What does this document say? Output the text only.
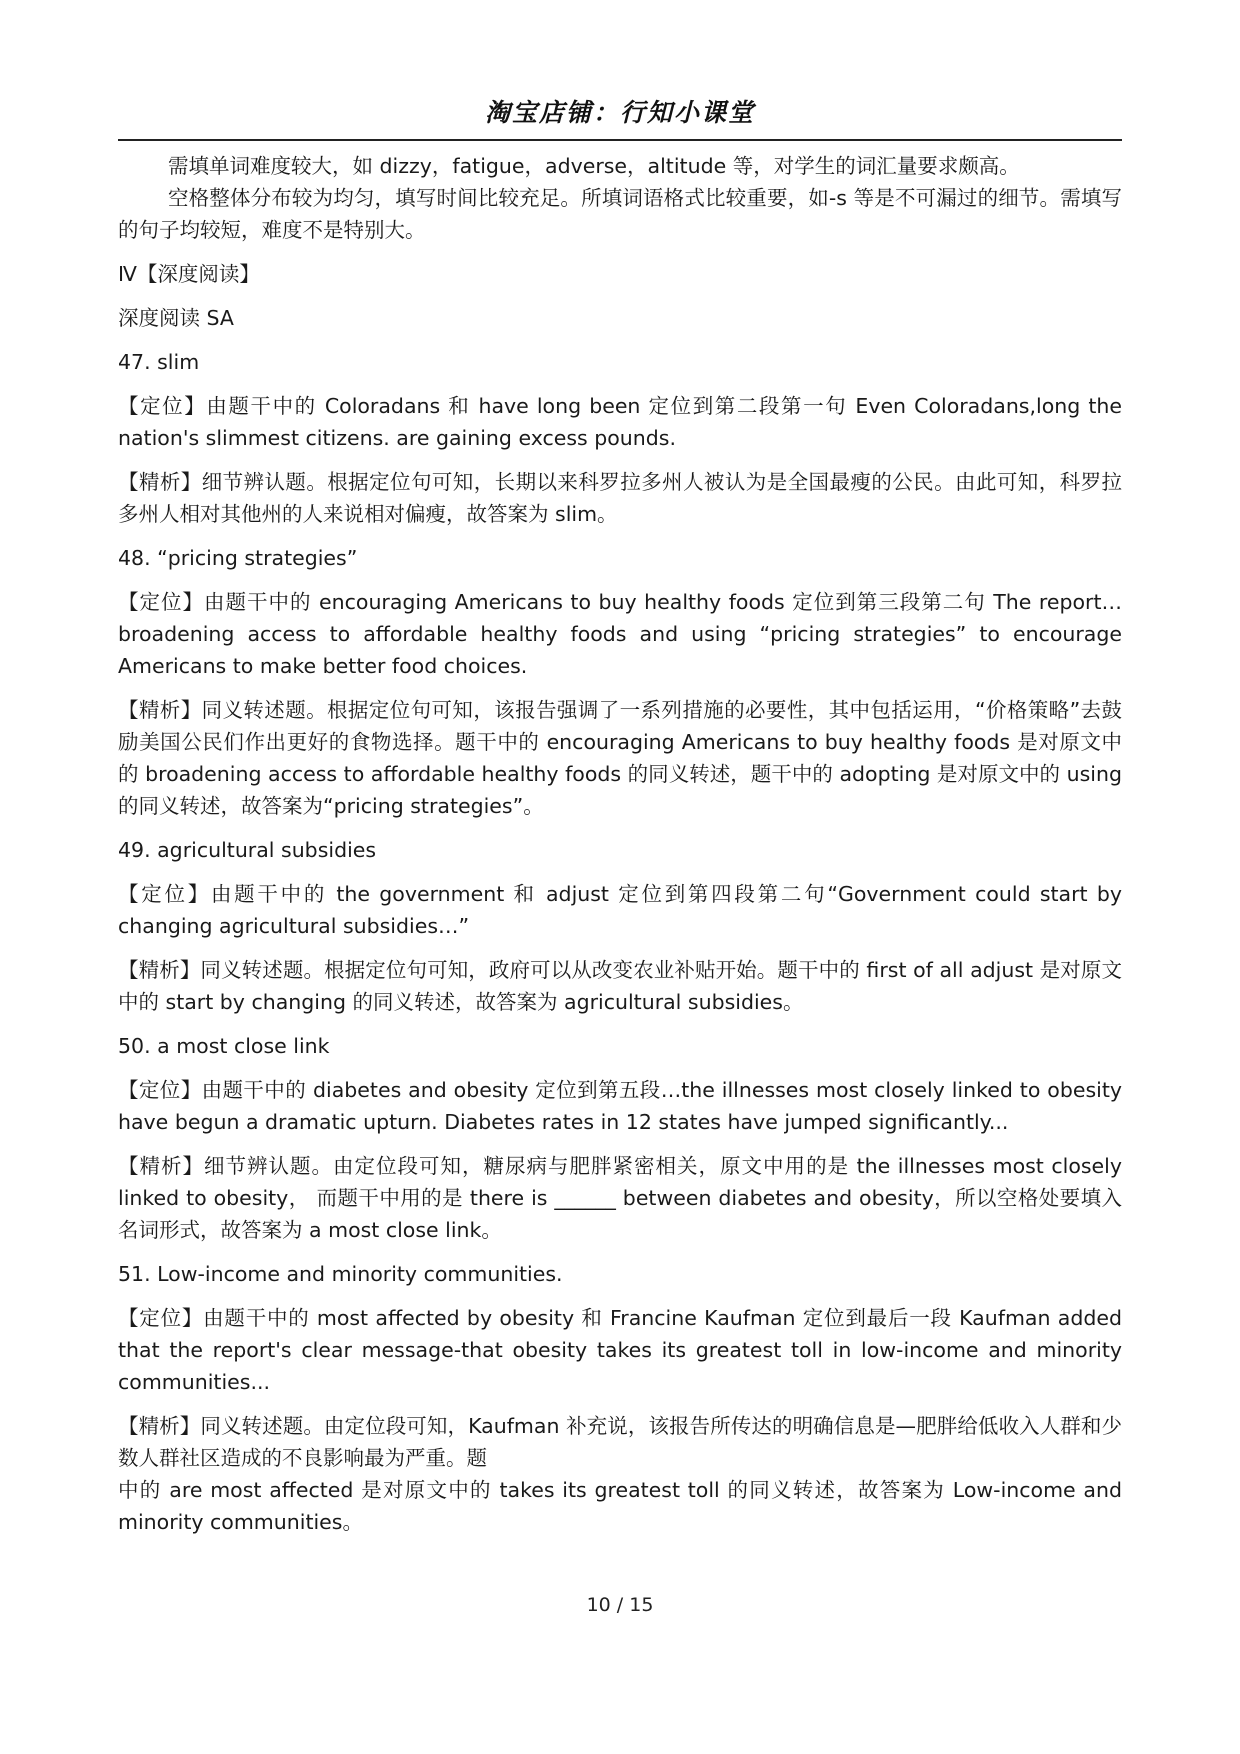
淘宝店铺：行知小课堂

需填单词难度较大，如 dizzy，fatigue，adverse，altitude 等，对学生的词汇量要求颇高。

空格整体分布较为均匀，填写时间比较充足。所填词语格式比较重要，如-s 等是不可漏过的细节。需填写的句子均较短，难度不是特别大。

Ⅳ【深度阅读】

深度阅读 SA

47. slim

【定位】由题干中的 Coloradans 和 have long been 定位到第二段第一句 Even Coloradans,long the nation's slimmest citizens. are gaining excess pounds.

【精析】细节辨认题。根据定位句可知，长期以来科罗拉多州人被认为是全国最瘦的公民。由此可知，科罗拉多州人相对其他州的人来说相对偏瘦，故答案为 slim。

48. “pricing strategies”

【定位】由题干中的 encouraging Americans to buy healthy foods 定位到第三段第二句 The report… broadening access to affordable healthy foods and using “pricing strategies” to encourage Americans to make better food choices.

【精析】同义转述题。根据定位句可知，该报告强调了一系列措施的必要性，其中包括运用，“价格策略”去鼓励美国公民们作出更好的食物选择。题干中的 encouraging Americans to buy healthy foods 是对原文中的 broadening access to affordable healthy foods 的同义转述，题干中的 adopting 是对原文中的 using 的同义转述，故答案为“pricing strategies”。

49. agricultural subsidies

【定位】由题干中的 the government 和 adjust 定位到第四段第二句“Government could start by changing agricultural subsidies…”

【精析】同义转述题。根据定位句可知，政府可以从改变农业补贴开始。题干中的 first of all adjust 是对原文中的 start by changing 的同义转述，故答案为 agricultural subsidies。

50. a most close link

【定位】由题干中的 diabetes and obesity 定位到第五段…the illnesses most closely linked to obesity have begun a dramatic upturn. Diabetes rates in 12 states have jumped significantly...

【精析】细节辨认题。由定位段可知，糖尿病与肥胖紧密相关，原文中用的是 the illnesses most closely linked to obesity， 而题干中用的是 there is ______ between diabetes and obesity，所以空格处要填入名词形式，故答案为 a most close link。

51. Low-income and minority communities.

【定位】由题干中的 most affected by obesity 和 Francine Kaufman 定位到最后一段 Kaufman added that the report's clear message-that obesity takes its greatest toll in low-income and minority communities...

【精析】同义转述题。由定位段可知，Kaufman 补充说，该报告所传达的明确信息是—肥胖给低收入人群和少数人群社区造成的不良影响最为严重。题

中的 are most affected 是对原文中的 takes its greatest toll 的同义转述，故答案为 Low-income and minority communities。

10 / 15
